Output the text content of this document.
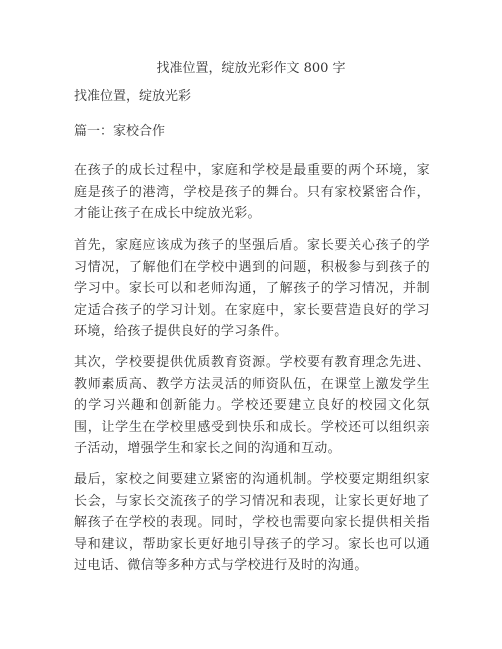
找准位置，绽放光彩作文 800 字

找准位置，绽放光彩

篇一：家校合作

在孩子的成长过程中，家庭和学校是最重要的两个环境，家庭是孩子的港湾，学校是孩子的舞台。只有家校紧密合作，才能让孩子在成长中绽放光彩。

首先，家庭应该成为孩子的坚强后盾。家长要关心孩子的学习情况，了解他们在学校中遇到的问题，积极参与到孩子的学习中。家长可以和老师沟通，了解孩子的学习情况，并制定适合孩子的学习计划。在家庭中，家长要营造良好的学习环境，给孩子提供良好的学习条件。

其次，学校要提供优质教育资源。学校要有教育理念先进、教师素质高、教学方法灵活的师资队伍，在课堂上激发学生的学习兴趣和创新能力。学校还要建立良好的校园文化氛围，让学生在学校里感受到快乐和成长。学校还可以组织亲子活动，增强学生和家长之间的沟通和互动。

最后，家校之间要建立紧密的沟通机制。学校要定期组织家长会，与家长交流孩子的学习情况和表现，让家长更好地了解孩子在学校的表现。同时，学校也需要向家长提供相关指导和建议，帮助家长更好地引导孩子的学习。家长也可以通过电话、微信等多种方式与学校进行及时的沟通。
